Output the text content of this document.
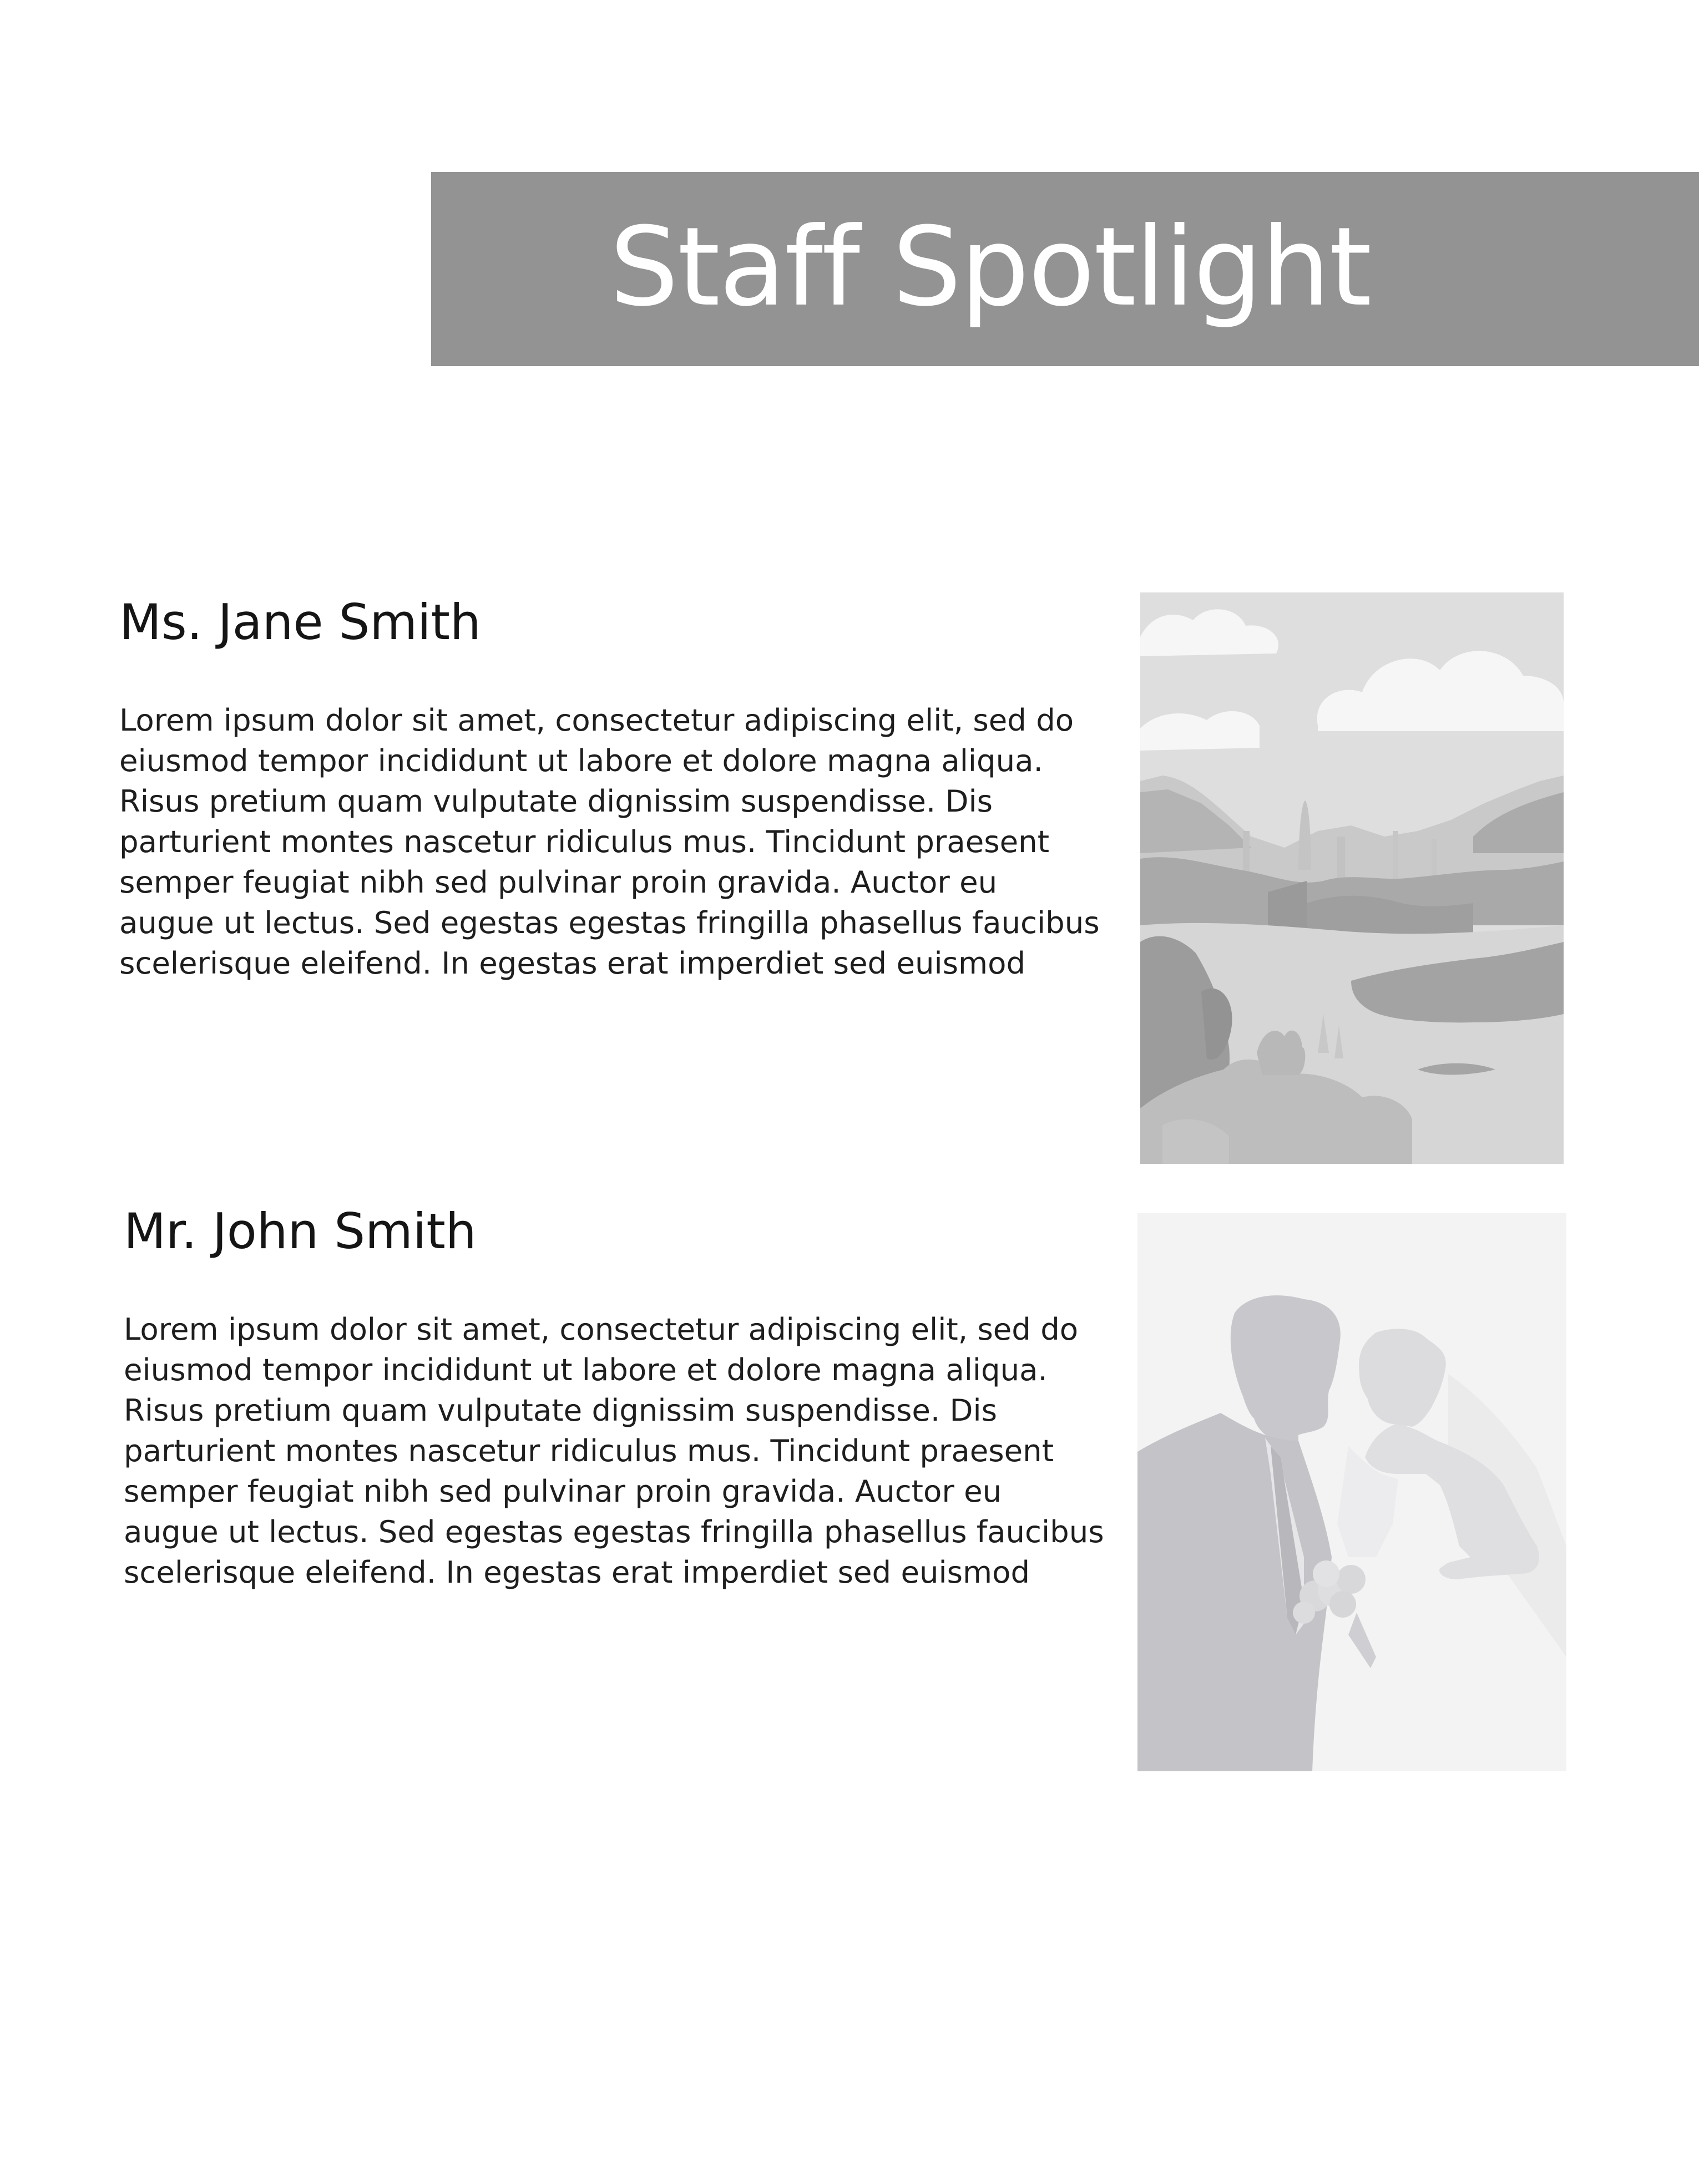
Staff Spotlight
Ms. Jane Smith

Lorem ipsum dolor sit amet, consectetur adipiscing elit, sed do
eiusmod tempor incididunt ut labore et dolore magna aliqua.
Risus pretium quam vulputate dignissim suspendisse. Dis
parturient montes nascetur ridiculus mus. Tincidunt praesent
semper feugiat nibh sed pulvinar proin gravida. Auctor eu
augue ut lectus. Sed egestas egestas fringilla phasellus faucibus
scelerisque eleifend. In egestas erat imperdiet sed euismod

Mr. John Smith

Lorem ipsum dolor sit amet, consectetur adipiscing elit, sed do
eiusmod tempor incididunt ut labore et dolore magna aliqua.
Risus pretium quam vulputate dignissim suspendisse. Dis
parturient montes nascetur ridiculus mus. Tincidunt praesent
semper feugiat nibh sed pulvinar proin gravida. Auctor eu
augue ut lectus. Sed egestas egestas fringilla phasellus faucibus
scelerisque eleifend. In egestas erat imperdiet sed euismod
